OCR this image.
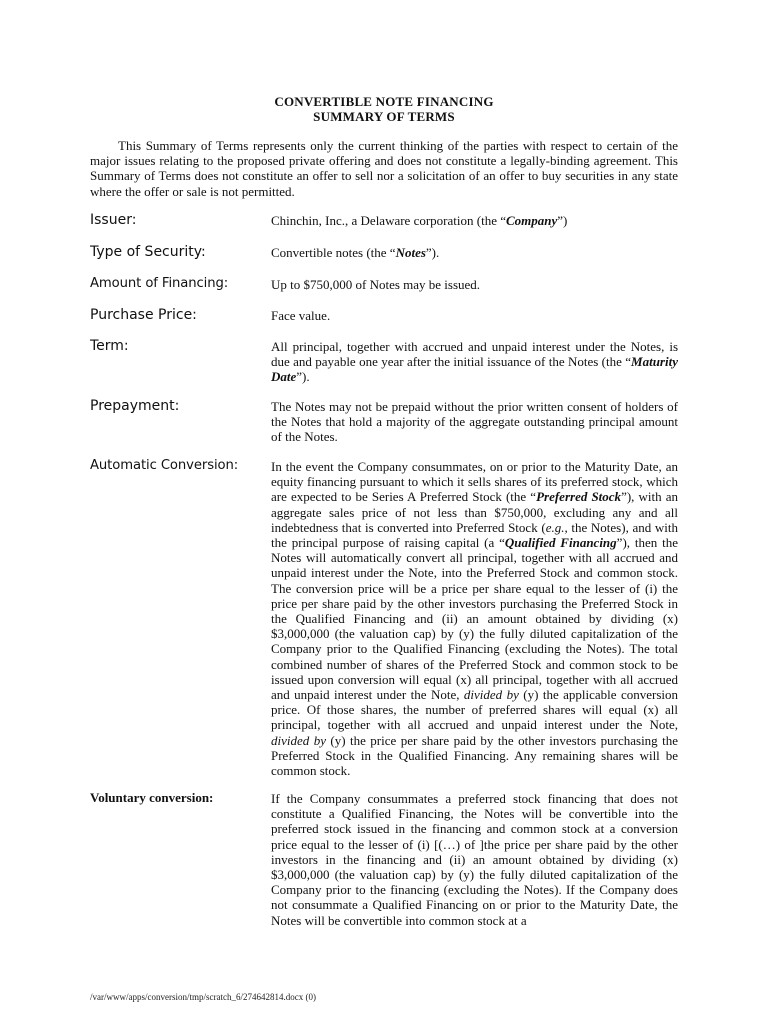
CONVERTIBLE NOTE FINANCING
SUMMARY OF TERMS

This Summary of Terms represents only the current thinking of the parties with respect to certain of the major issues relating to the proposed private offering and does not constitute a legally-binding agreement. This Summary of Terms does not constitute an offer to sell nor a solicitation of an offer to buy securities in any state where the offer or sale is not permitted.

Issuer:	Chinchin, Inc., a Delaware corporation (the “Company”)

Type of Security:	Convertible notes (the “Notes”).

Amount of Financing:	Up to $750,000 of Notes may be issued.

Purchase Price:	Face value.

Term:	All principal, together with accrued and unpaid interest under the Notes, is due and payable one year after the initial issuance of the Notes (the “Maturity Date”).

Prepayment:	The Notes may not be prepaid without the prior written consent of holders of the Notes that hold a majority of the aggregate outstanding principal amount of the Notes.

Automatic Conversion:	In the event the Company consummates, on or prior to the Maturity Date, an equity financing pursuant to which it sells shares of its preferred stock, which are expected to be Series A Preferred Stock (the “Preferred Stock”), with an aggregate sales price of not less than $750,000, excluding any and all indebtedness that is converted into Preferred Stock (e.g., the Notes), and with the principal purpose of raising capital (a “Qualified Financing”), then the Notes will automatically convert all principal, together with all accrued and unpaid interest under the Note, into the Preferred Stock and common stock. The conversion price will be a price per share equal to the lesser of (i) the price per share paid by the other investors purchasing the Preferred Stock in the Qualified Financing and (ii) an amount obtained by dividing (x) $3,000,000 (the valuation cap) by (y) the fully diluted capitalization of the Company prior to the Qualified Financing (excluding the Notes). The total combined number of shares of the Preferred Stock and common stock to be issued upon conversion will equal (x) all principal, together with all accrued and unpaid interest under the Note, divided by (y) the applicable conversion price. Of those shares, the number of preferred shares will equal (x) all principal, together with all accrued and unpaid interest under the Note, divided by (y) the price per share paid by the other investors purchasing the Preferred Stock in the Qualified Financing. Any remaining shares will be common stock.

Voluntary conversion:	If the Company consummates a preferred stock financing that does not constitute a Qualified Financing, the Notes will be convertible into the preferred stock issued in the financing and common stock at a conversion price equal to the lesser of (i) [(…) of ]the price per share paid by the other investors in the financing and (ii) an amount obtained by dividing (x) $3,000,000 (the valuation cap) by (y) the fully diluted capitalization of the Company prior to the financing (excluding the Notes). If the Company does not consummate a Qualified Financing on or prior to the Maturity Date, the Notes will be convertible into common stock at a

/var/www/apps/conversion/tmp/scratch_6/274642814.docx (0)
